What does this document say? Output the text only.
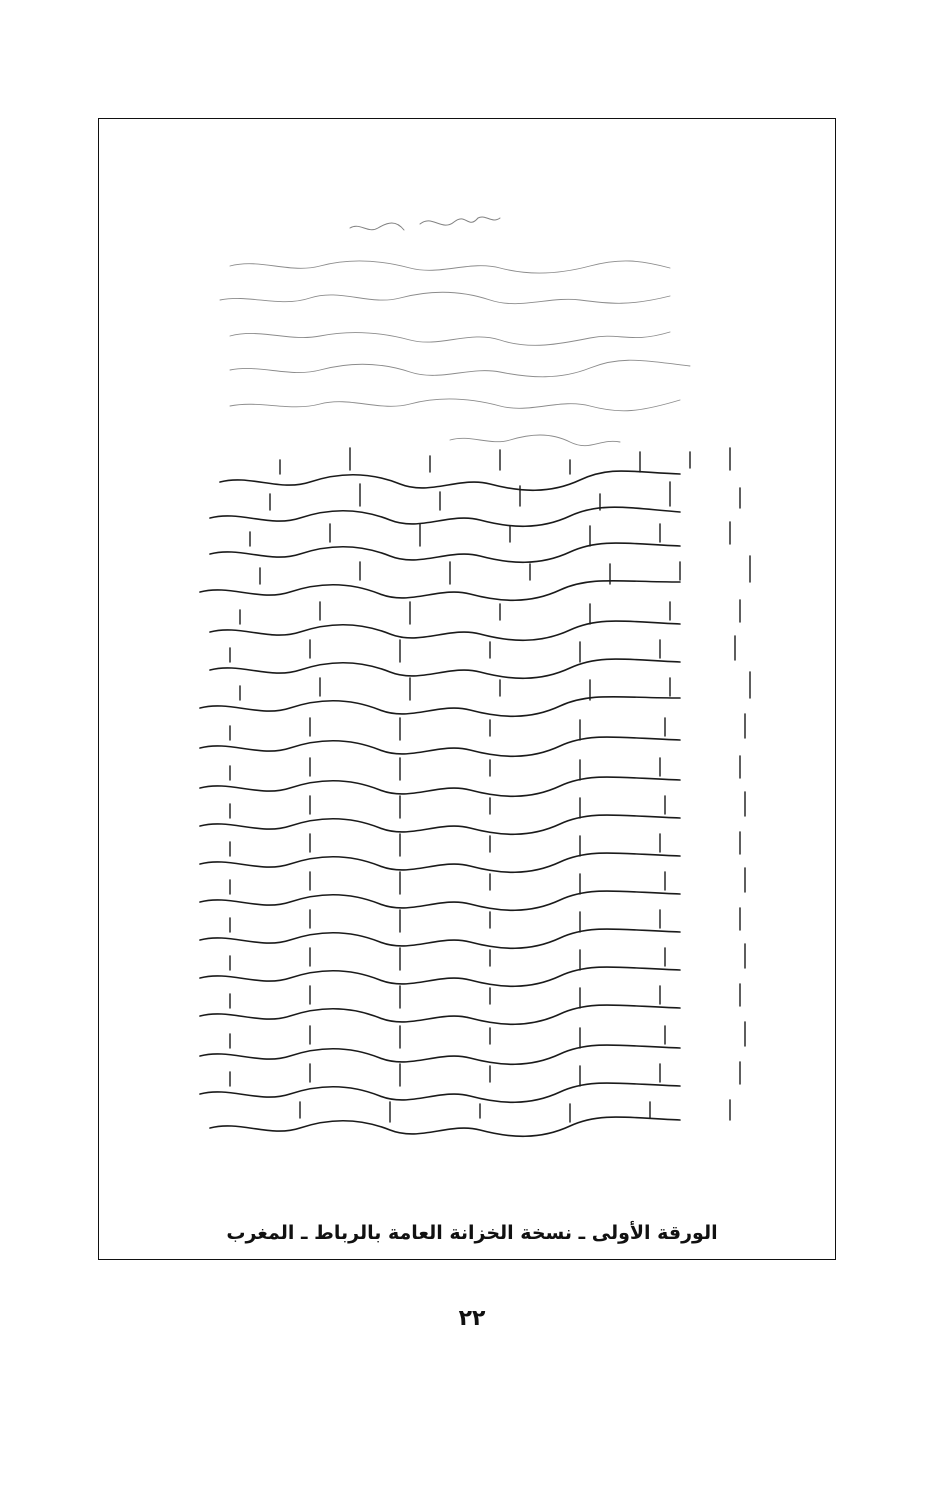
الورقة الأولى ـ نسخة الخزانة العامة بالرباط ـ المغرب
٢٢
